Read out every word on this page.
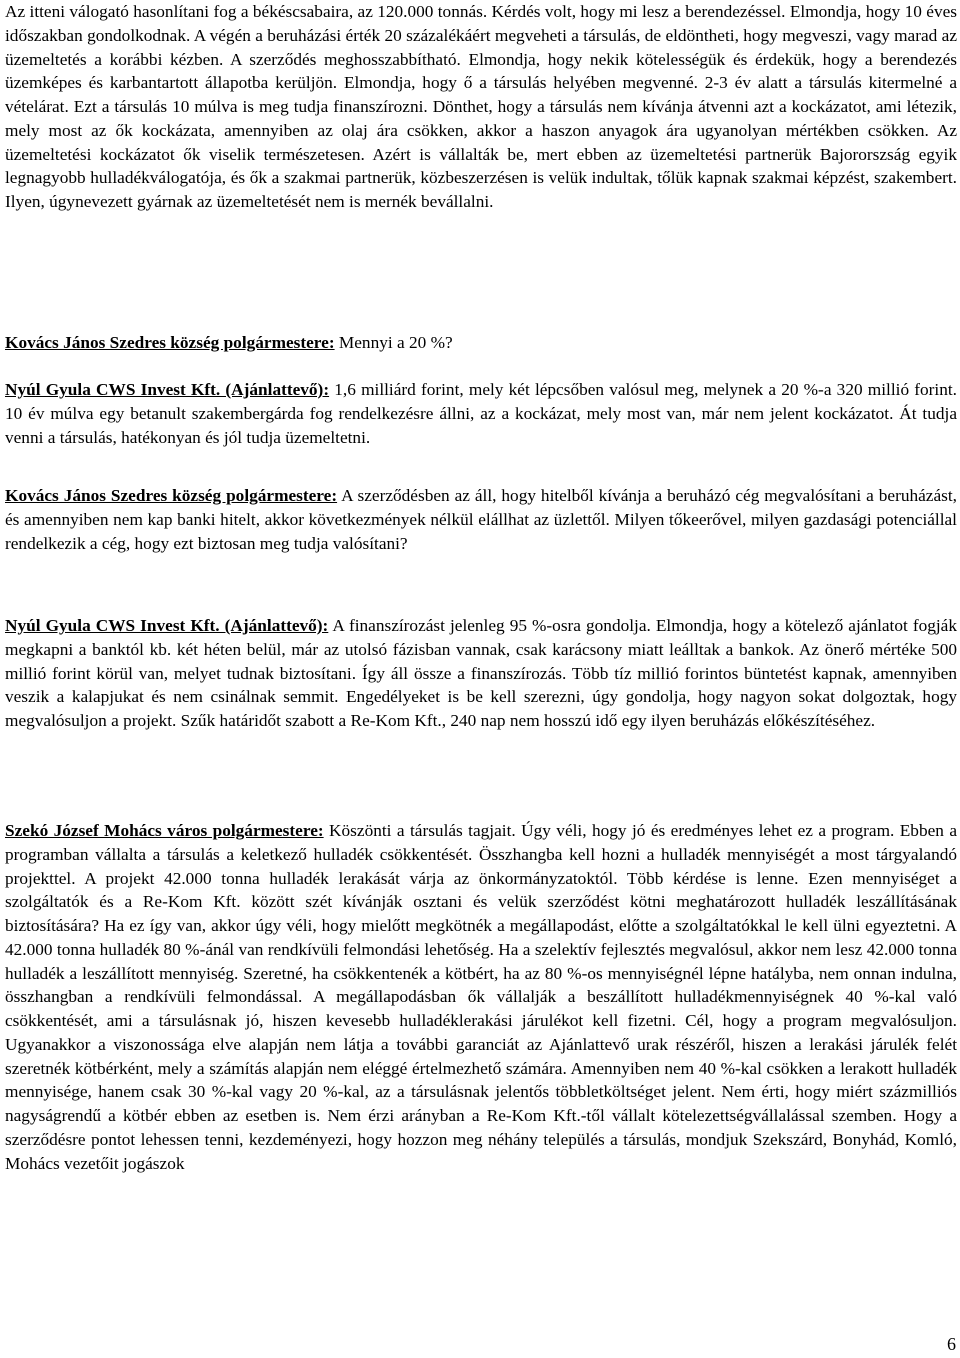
Az itteni válogató hasonlítani fog a békéscsabaira, az 120.000 tonnás. Kérdés volt, hogy mi lesz a berendezéssel. Elmondja, hogy 10 éves időszakban gondolkodnak. A végén a beruházási érték 20 százalékáért megveheti a társulás, de eldöntheti, hogy megveszi, vagy marad az üzemeltetés a korábbi kézben. A szerződés meghosszabbítható. Elmondja, hogy nekik kötelességük és érdekük, hogy a berendezés üzemképes és karbantartott állapotba kerüljön. Elmondja, hogy ő a társulás helyében megvenné. 2-3 év alatt a társulás kitermelné a vételárat. Ezt a társulás 10 múlva is meg tudja finanszírozni. Dönthet, hogy a társulás nem kívánja átvenni azt a kockázatot, ami létezik, mely most az ők kockázata, amennyiben az olaj ára csökken, akkor a haszon anyagok ára ugyanolyan mértékben csökken. Az üzemeltetési kockázatot ők viselik természetesen. Azért is vállalták be, mert ebben az üzemeltetési partnerük Bajororszság egyik legnagyobb hulladékválogatója, és ők a szakmai partnerük, közbeszerzésen is velük indultak, tőlük kapnak szakmai képzést, szakembert. Ilyen, úgynevezett gyárnak az üzemeltetését nem is mernék bevállalni.

Kovács János Szedres község polgármestere: Mennyi a 20 %?

Nyúl Gyula CWS Invest Kft. (Ajánlattevő): 1,6 milliárd forint, mely két lépcsőben valósul meg, melynek a 20 %-a 320 millió forint. 10 év múlva egy betanult szakembergárda fog rendelkezésre állni, az a kockázat, mely most van, már nem jelent kockázatot. Át tudja venni a társulás, hatékonyan és jól tudja üzemeltetni.

Kovács János Szedres község polgármestere: A szerződésben az áll, hogy hitelből kívánja a beruházó cég megvalósítani a beruházást, és amennyiben nem kap banki hitelt, akkor következmények nélkül elállhat az üzlettől. Milyen tőkeerővel, milyen gazdasági potenciállal rendelkezik a cég, hogy ezt biztosan meg tudja valósítani?

Nyúl Gyula CWS Invest Kft. (Ajánlattevő): A finanszírozást jelenleg 95 %-osra gondolja. Elmondja, hogy a kötelező ajánlatot fogják megkapni a banktól kb. két héten belül, már az utolsó fázisban vannak, csak karácsony miatt leálltak a bankok. Az önerő mértéke 500 millió forint körül van, melyet tudnak biztosítani. Így áll össze a finanszírozás. Több tíz millió forintos büntetést kapnak, amennyiben veszik a kalapjukat és nem csinálnak semmit. Engedélyeket is be kell szerezni, úgy gondolja, hogy nagyon sokat dolgoztak, hogy megvalósuljon a projekt. Szűk határidőt szabott a Re-Kom Kft., 240 nap nem hosszú idő egy ilyen beruházás előkészítéséhez.

Szekó József Mohács város polgármestere: Köszönti a társulás tagjait. Úgy véli, hogy jó és eredményes lehet ez a program. Ebben a programban vállalta a társulás a keletkező hulladék csökkentését. Összhangba kell hozni a hulladék mennyiségét a most tárgyalandó projekttel. A projekt 42.000 tonna hulladék lerakását várja az önkormányzatoktól. Több kérdése is lenne. Ezen mennyiséget a szolgáltatók és a Re-Kom Kft. között szét kívánják osztani és velük szerződést kötni meghatározott hulladék leszállításának biztosítására? Ha ez így van, akkor úgy véli, hogy mielőtt megkötnék a megállapodást, előtte a szolgáltatókkal le kell ülni egyeztetni. A 42.000 tonna hulladék 80 %-ánál van rendkívüli felmondási lehetőség. Ha a szelektív fejlesztés megvalósul, akkor nem lesz 42.000 tonna hulladék a leszállított mennyiség. Szeretné, ha csökkentenék a kötbért, ha az 80 %-os mennyiségnél lépne hatályba, nem onnan indulna, összhangban a rendkívüli felmondással. A megállapodásban ők vállalják a beszállított hulladékmennyiségnek 40 %-kal való csökkentését, ami a társulásnak jó, hiszen kevesebb hulladéklerakási járulékot kell fizetni. Cél, hogy a program megvalósuljon. Ugyanakkor a viszonossága elve alapján nem látja a további garanciát az Ajánlattevő urak részéről, hiszen a lerakási járulék felét szeretnék kötbérként, mely a számítás alapján nem eléggé értelmezhető számára. Amennyiben nem 40 %-kal csökken a lerakott hulladék mennyisége, hanem csak 30 %-kal vagy 20 %-kal, az a társulásnak jelentős többletköltséget jelent. Nem érti, hogy miért százmilliós nagyságrendű a kötbér ebben az esetben is. Nem érzi arányban a Re-Kom Kft.-től vállalt kötelezettségvállalással szemben. Hogy a szerződésre pontot lehessen tenni, kezdeményezi, hogy hozzon meg néhány település a társulás, mondjuk Szekszárd, Bonyhád, Komló, Mohács vezetőit jogászok

6
